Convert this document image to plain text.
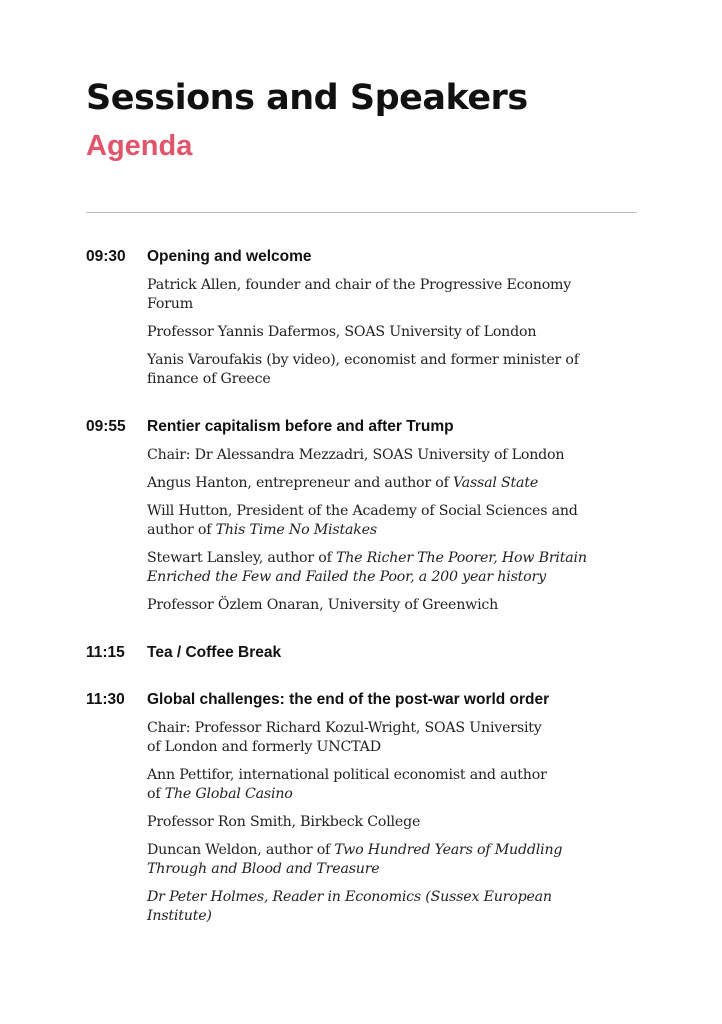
Sessions and Speakers
Agenda
09:30	Opening and welcome
Patrick Allen, founder and chair of the Progressive Economy
Forum
Professor Yannis Dafermos, SOAS University of London
Yanis Varoufakis (by video), economist and former minister of
finance of Greece
09:55	Rentier capitalism before and after Trump
Chair: Dr Alessandra Mezzadri, SOAS University of London
Angus Hanton, entrepreneur and author of Vassal State
Will Hutton, President of the Academy of Social Sciences and
author of This Time No Mistakes
Stewart Lansley, author of The Richer The Poorer, How Britain
Enriched the Few and Failed the Poor, a 200 year history
Professor Özlem Onaran, University of Greenwich
11:15	Tea / Coffee Break
11:30	Global challenges: the end of the post-war world order
Chair: Professor Richard Kozul-Wright, SOAS University
of London and formerly UNCTAD
Ann Pettifor, international political economist and author
of The Global Casino
Professor Ron Smith, Birkbeck College
Duncan Weldon, author of Two Hundred Years of Muddling
Through and Blood and Treasure
Dr Peter Holmes, Reader in Economics (Sussex European
Institute)
